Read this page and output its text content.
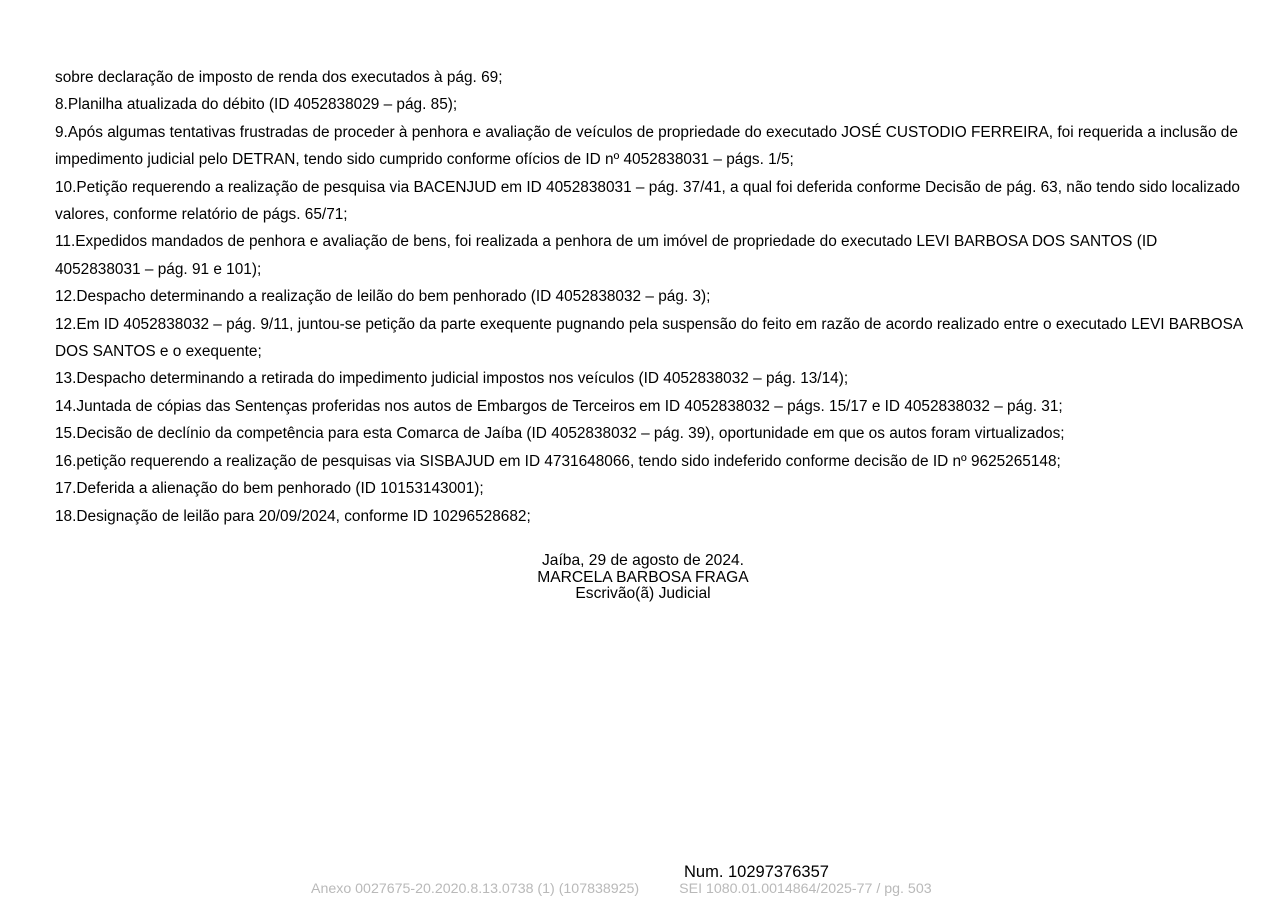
sobre declaração de imposto de renda dos executados à pág. 69;
8.Planilha atualizada do débito (ID 4052838029 – pág. 85);
9.Após algumas tentativas frustradas de proceder à penhora e avaliação de veículos de propriedade do executado JOSÉ CUSTODIO FERREIRA, foi requerida a inclusão de impedimento judicial pelo DETRAN, tendo sido cumprido conforme ofícios de ID nº 4052838031 – págs. 1/5;
10.Petição requerendo a realização de pesquisa via BACENJUD em ID 4052838031 – pág. 37/41, a qual foi deferida conforme Decisão de pág. 63, não tendo sido localizado valores, conforme relatório de págs. 65/71;
11.Expedidos mandados de penhora e avaliação de bens, foi realizada a penhora de um imóvel de propriedade do executado LEVI BARBOSA DOS SANTOS (ID 4052838031 – pág. 91 e 101);
12.Despacho determinando a realização de leilão do bem penhorado (ID 4052838032 – pág. 3);
12.Em ID 4052838032 – pág. 9/11, juntou-se petição da parte exequente pugnando pela suspensão do feito em razão de acordo realizado entre o executado LEVI BARBOSA DOS SANTOS e o exequente;
13.Despacho determinando a retirada do impedimento judicial impostos nos veículos (ID 4052838032 – pág. 13/14);
14.Juntada de cópias das Sentenças proferidas nos autos de Embargos de Terceiros em ID 4052838032 – págs. 15/17 e ID 4052838032 – pág. 31;
15.Decisão de declínio da competência para esta Comarca de Jaíba (ID 4052838032 – pág. 39), oportunidade em que os autos foram virtualizados;
16.petição requerendo a realização de pesquisas via SISBAJUD em ID 4731648066, tendo sido indeferido conforme decisão de ID nº 9625265148;
17.Deferida a alienação do bem penhorado (ID 10153143001);
18.Designação de leilão para 20/09/2024, conforme ID 10296528682;
Jaíba, 29 de agosto de 2024.
MARCELA BARBOSA FRAGA
Escrivão(ã) Judicial
Num. 10297376357
Anexo 0027675-20.2020.8.13.0738 (1) (107838925)	SEI 1080.01.0014864/2025-77 / pg. 503
